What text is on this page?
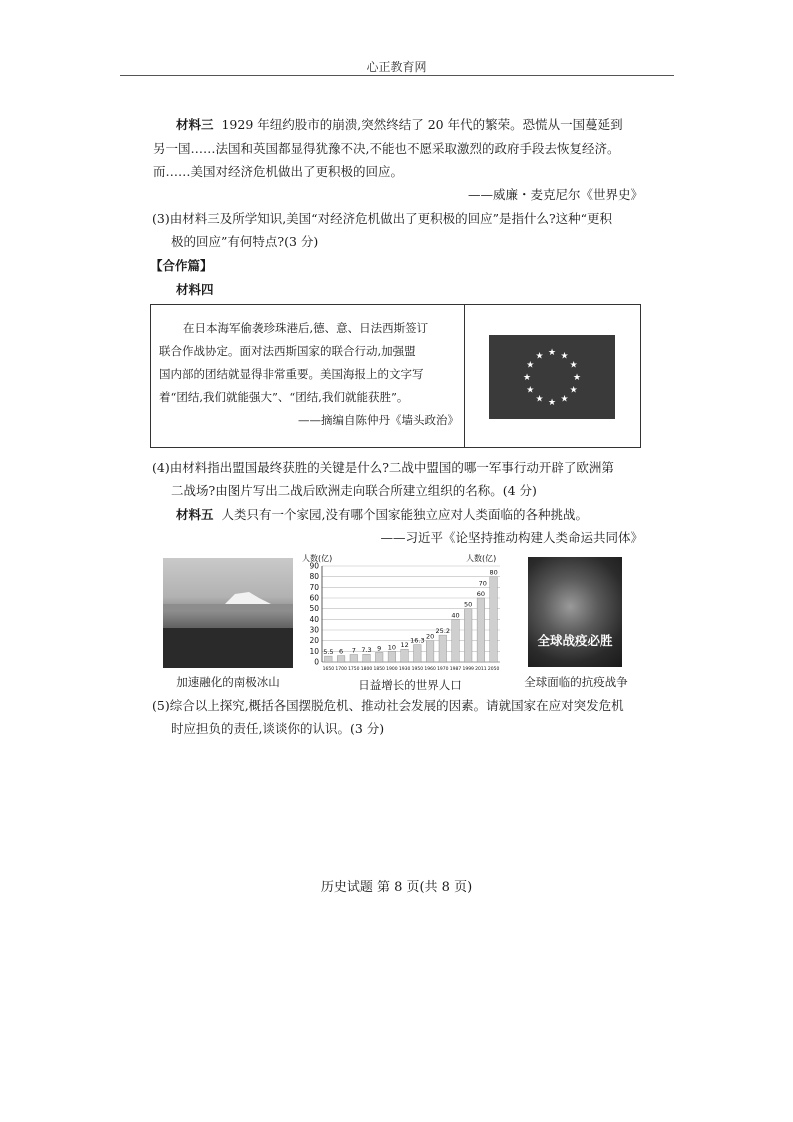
心正教育网
材料三 1929 年纽约股市的崩溃,突然终结了 20 年代的繁荣。恐慌从一国蔓延到
另一国……法国和英国都显得犹豫不决,不能也不愿采取激烈的政府手段去恢复经济。
而……美国对经济危机做出了更积极的回应。
——威廉・麦克尼尔《世界史》
(3)由材料三及所学知识,美国“对经济危机做出了更积极的回应”是指什么?这种“更积
极的回应”有何特点?(3 分)
【合作篇】
材料四
在日本海军偷袭珍珠港后,德、意、日法西斯签订
联合作战协定。面对法西斯国家的联合行动,加强盟
国内部的团结就显得非常重要。美国海报上的文字写
着“团结,我们就能强大”、“团结,我们就能获胜”。
——摘编自陈仲丹《墙头政治》
★ ★
★
★
★
★
★
★
★
★
★
★
(4)由材料指出盟国最终获胜的关键是什么?二战中盟国的哪一军事行动开辟了欧洲第
二战场?由图片写出二战后欧洲走向联合所建立组织的名称。(4 分)
材料五 人类只有一个家园,没有哪个国家能独立应对人类面临的各种挑战。
——习近平《论坚持推动构建人类命运共同体》
加速融化的南极冰山
人数(亿)	人数(亿)
0
10
20
30
40
50
60
70
80
90
5.5 6 7 7.3 9 10 12
16.3 20
25.2
40
50
60
80
70
1650 1700 1750 1800 1850 1900 1930 1950 1960 1970 1987 1999 2011 2050
日益增长的世界人口
全球战疫必胜
全球面临的抗疫战争
(5)综合以上探究,概括各国摆脱危机、推动社会发展的因素。请就国家在应对突发危机
时应担负的责任,谈谈你的认识。(3 分)
历史试题 第 8 页(共 8 页)
